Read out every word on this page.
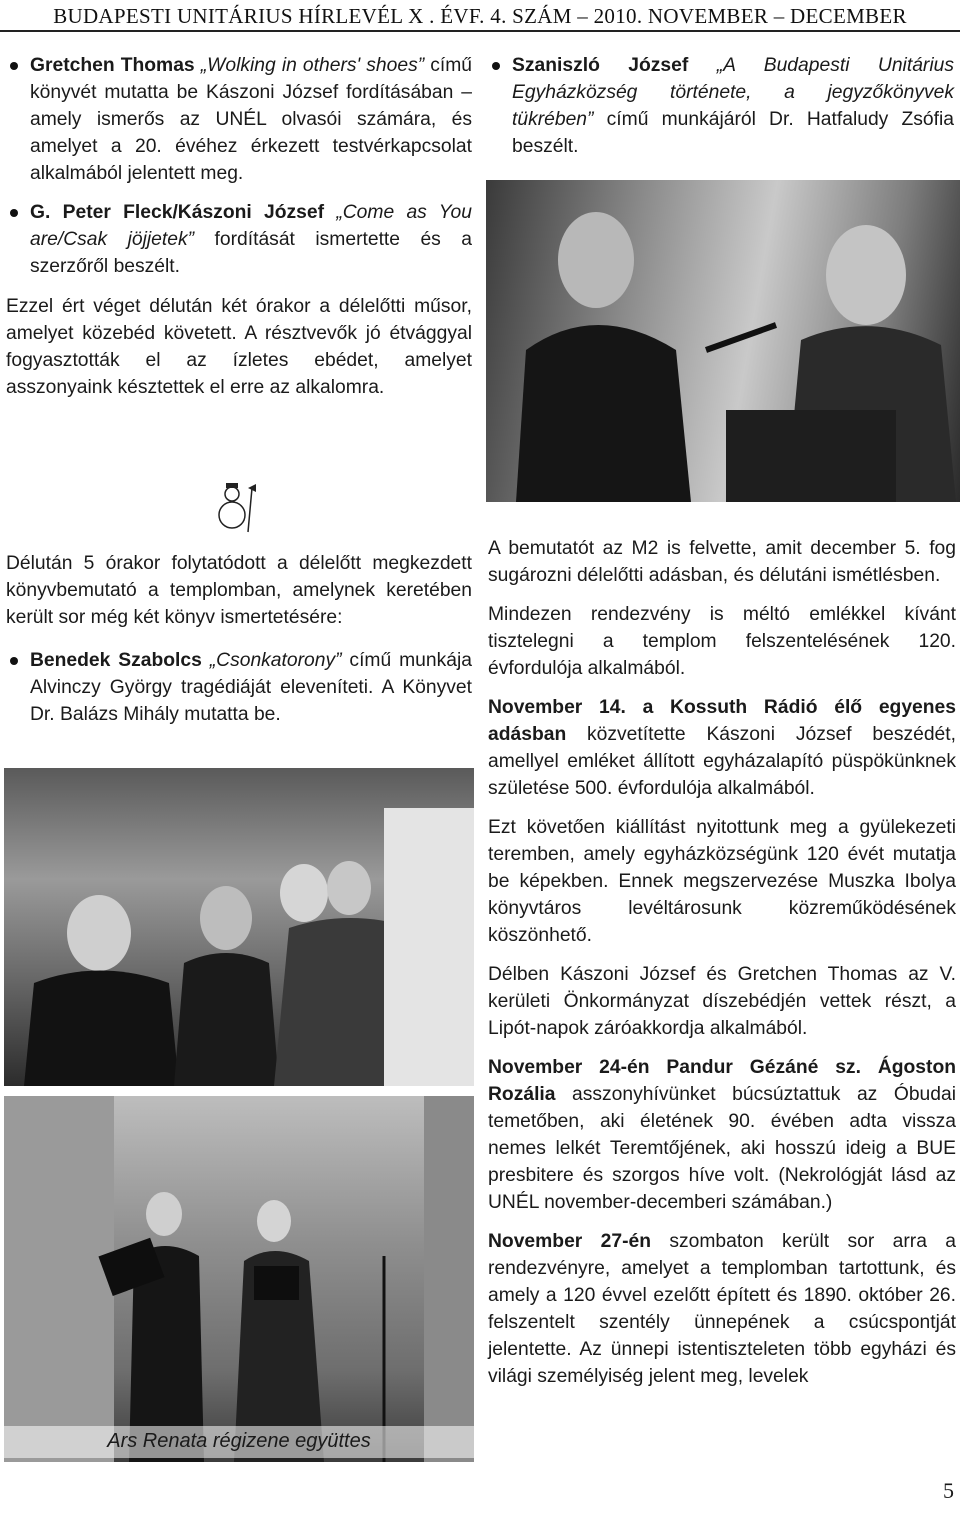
BUDAPESTI UNITÁRIUS HÍRLEVÉL X . ÉVF. 4. SZÁM – 2010. NOVEMBER – DECEMBER

Gretchen Thomas „Wolking in others' shoes” című könyvét mutatta be Kászoni József fordításában – amely ismerős az UNÉL olvasói számára, és amelyet a 20. évéhez érkezett testvérkapcsolat alkalmából jelentett meg.

G. Peter Fleck/Kászoni József „Come as You are/Csak jöjjetek” fordítását ismertette és a szerzőről beszélt.

Ezzel ért véget délután két órakor a délelőtti műsor, amelyet közebéd követett. A résztvevők jó étvággyal fogyasztották el az ízletes ebédet, amelyet asszonyaink késztettek el erre az alkalomra.

Szaniszló József „A Budapesti Unitárius Egyházközség története, a jegyzőkönyvek tükrében” című munkájáról Dr. Hatfaludy Zsófia beszélt.

Délután 5 órakor folytatódott a délelőtt megkezdett könyvbemutató a templomban, amelynek keretében került sor még két könyv ismertetésére:

Benedek Szabolcs „Csonkatorony” című munkája Alvinczy György tragédiáját eleveníteti. A Könyvet Dr. Balázs Mihály mutatta be.

Ars Renata régizene együttes

A bemutatót az M2 is felvette, amit december 5. fog sugározni délelőtti adásban, és délutáni ismétlésben.

Mindezen rendezvény is méltó emlékkel kívánt tisztelegni a templom felszentelésének 120. évfordulója alkalmából.

November 14. a Kossuth Rádió élő egyenes adásban közvetítette Kászoni József beszédét, amellyel emléket állított egyházalapító püspökünknek születése 500. évfordulója alkalmából.

Ezt követően kiállítást nyitottunk meg a gyülekezeti teremben, amely egyházközségünk 120 évét mutatja be képekben. Ennek megszervezése Muszka Ibolya könyvtáros levéltárosunk közreműködésének köszönhető.

Délben Kászoni József és Gretchen Thomas az V. kerületi Önkormányzat díszebédjén vettek részt, a Lipót-napok záróakkordja alkalmából.

November 24-én Pandur Gézáné sz. Ágoston Rozália asszonyhívünket búcsúztattuk az Óbudai temetőben, aki életének 90. évében adta vissza nemes lelkét Teremtőjének, aki hosszú ideig a BUE presbitere és szorgos híve volt. (Nekrológját lásd az UNÉL november-decemberi számában.)

November 27-én szombaton került sor arra a rendezvényre, amelyet a templomban tartottunk, és amely a 120 évvel ezelőtt épített és 1890. október 26. felszentelt szentély ünnepének a csúcspontját jelentette. Az ünnepi istentiszteleten több egyházi és világi személyiség jelent meg, levelek

5
